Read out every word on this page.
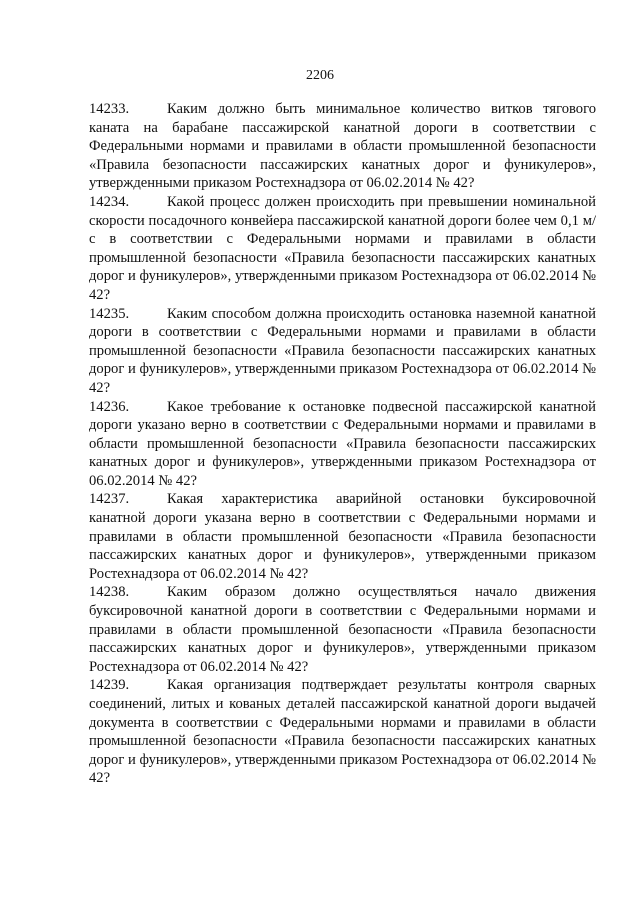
2206

14233.	Каким должно быть минимальное количество витков тягового каната на барабане пассажирской канатной дороги в соответствии с Федеральными нормами и правилами в области промышленной безопасности «Правила безопасности пассажирских канатных дорог и фуникулеров», утвержденными приказом Ростехнадзора от 06.02.2014 № 42?

14234.	Какой процесс должен происходить при превышении номинальной скорости посадочного конвейера пассажирской канатной дороги более чем 0,1 м/с в соответствии с Федеральными нормами и правилами в области промышленной безопасности «Правила безопасности пассажирских канатных дорог и фуникулеров», утвержденными приказом Ростехнадзора от 06.02.2014 № 42?

14235.	Каким способом должна происходить остановка наземной канатной дороги в соответствии с Федеральными нормами и правилами в области промышленной безопасности «Правила безопасности пассажирских канатных дорог и фуникулеров», утвержденными приказом Ростехнадзора от 06.02.2014 № 42?

14236.	Какое требование к остановке подвесной пассажирской канатной дороги указано верно в соответствии с Федеральными нормами и правилами в области промышленной безопасности «Правила безопасности пассажирских канатных дорог и фуникулеров», утвержденными приказом Ростехнадзора от 06.02.2014 № 42?

14237.	Какая характеристика аварийной остановки буксировочной канатной дороги указана верно в соответствии с Федеральными нормами и правилами в области промышленной безопасности «Правила безопасности пассажирских канатных дорог и фуникулеров», утвержденными приказом Ростехнадзора от 06.02.2014 № 42?

14238.	Каким образом должно осуществляться начало движения буксировочной канатной дороги в соответствии с Федеральными нормами и правилами в области промышленной безопасности «Правила безопасности пассажирских канатных дорог и фуникулеров», утвержденными приказом Ростехнадзора от 06.02.2014 № 42?

14239.	Какая организация подтверждает результаты контроля сварных соединений, литых и кованых деталей пассажирской канатной дороги выдачей документа в соответствии с Федеральными нормами и правилами в области промышленной безопасности «Правила безопасности пассажирских канатных дорог и фуникулеров», утвержденными приказом Ростехнадзора от 06.02.2014 № 42?
